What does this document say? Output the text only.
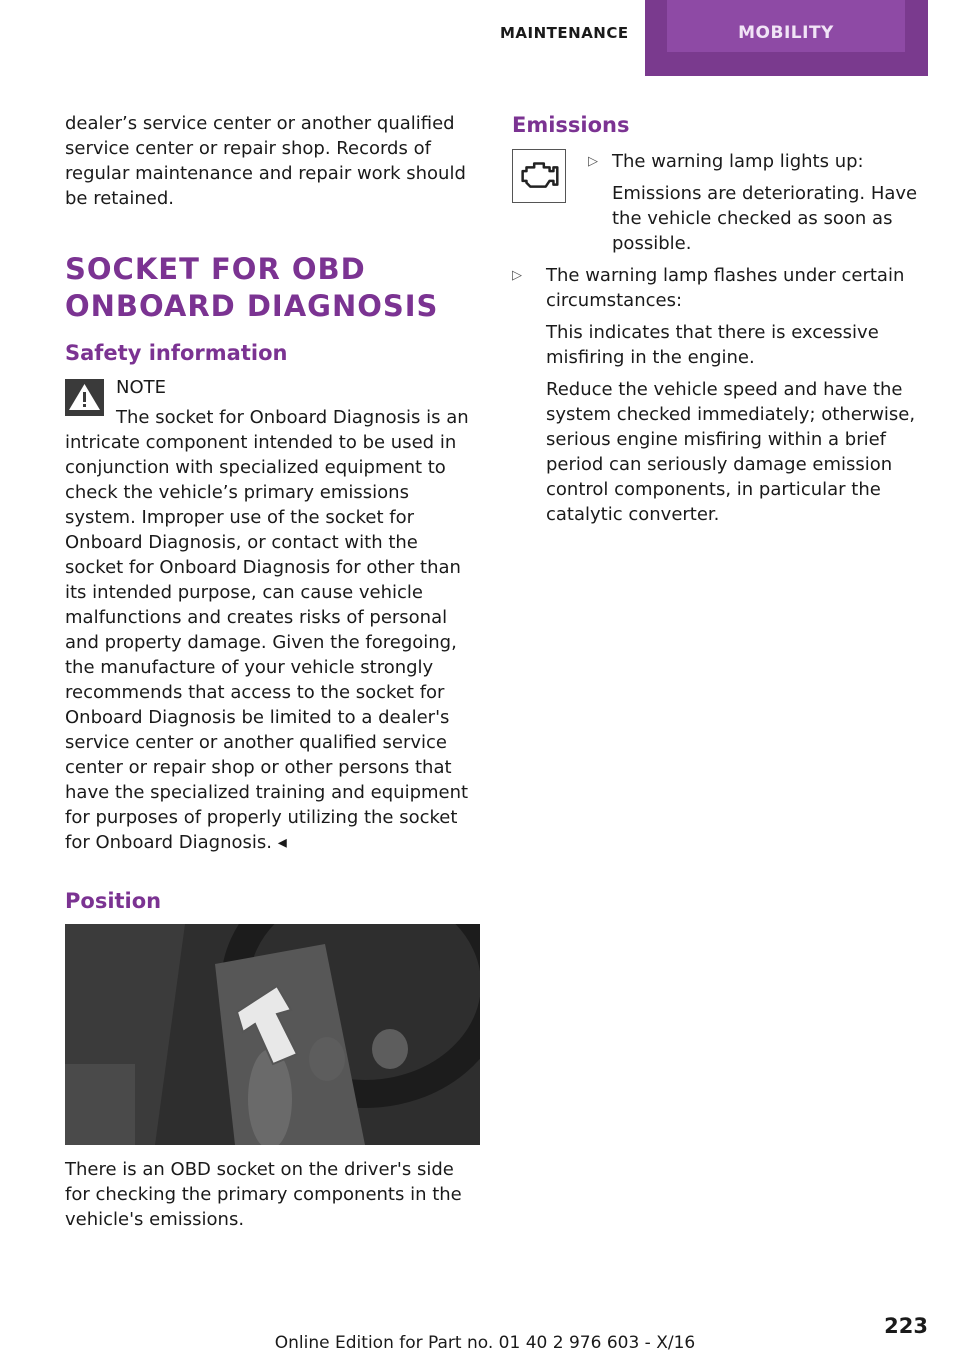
MAINTENANCE	MOBILITY

dealer’s service center or another qualified service center or repair shop. Records of regular maintenance and repair work should be retained.

SOCKET FOR OBD ONBOARD DIAGNOSIS
Safety information
NOTE
The socket for Onboard Diagnosis is an

intricate component intended to be used in conjunction with specialized equipment to check the vehicle’s primary emissions system. Improper use of the socket for Onboard Diagnosis, or contact with the socket for Onboard Diagnosis for other than its intended purpose, can cause vehicle malfunctions and creates risks of personal and property damage. Given the foregoing, the manufacture of your vehicle strongly recommends that access to the socket for Onboard Diagnosis be limited to a dealer's service center or another qualified service center or repair shop or other persons that have the specialized training and equipment for purposes of properly utilizing the socket for Onboard Diagnosis. ◂

Position
There is an OBD socket on the driver's side for checking the primary components in the vehicle's emissions.
Emissions
▷ The warning lamp lights up:

Emissions are deteriorating. Have the vehicle checked as soon as possible.

▷ The warning lamp flashes under certain circumstances:

This indicates that there is excessive misfiring in the engine.

Reduce the vehicle speed and have the system checked immediately; otherwise, serious engine misfiring within a brief period can seriously damage emission control components, in particular the catalytic converter.

223
Online Edition for Part no. 01 40 2 976 603 - X/16
